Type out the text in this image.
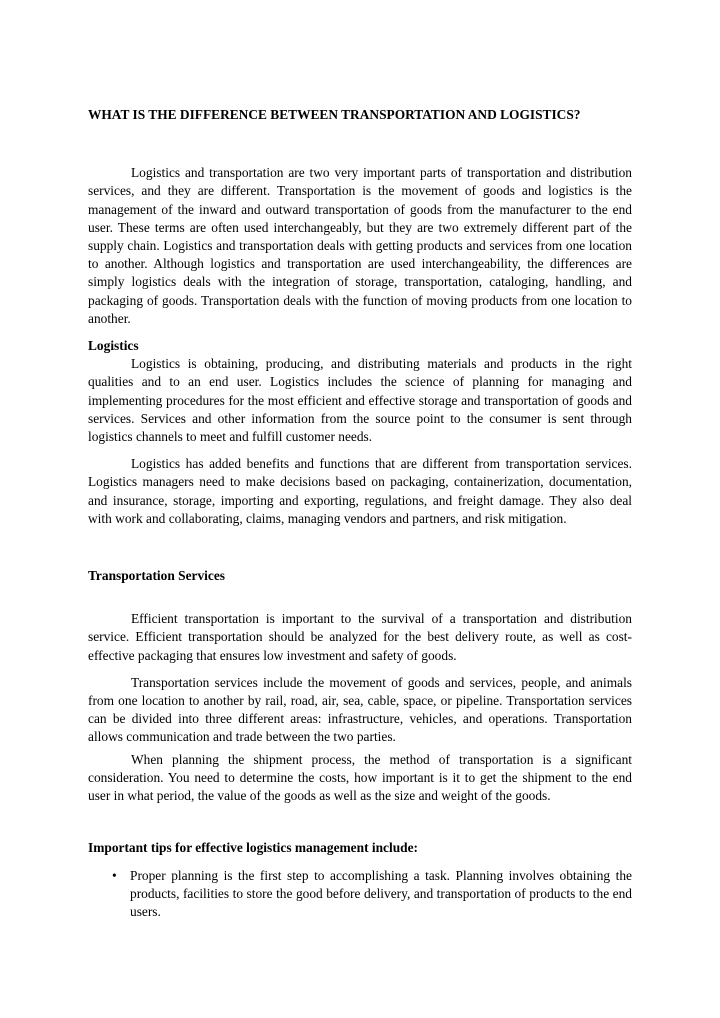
WHAT IS THE DIFFERENCE BETWEEN TRANSPORTATION AND LOGISTICS?

Logistics and transportation are two very important parts of transportation and distribution services, and they are different. Transportation is the movement of goods and logistics is the management of the inward and outward transportation of goods from the manufacturer to the end user. These terms are often used interchangeably, but they are two extremely different part of the supply chain. Logistics and transportation deals with getting products and services from one location to another. Although logistics and transportation are used interchangeability, the differences are simply logistics deals with the integration of storage, transportation, cataloging, handling, and packaging of goods. Transportation deals with the function of moving products from one location to another.

Logistics

Logistics is obtaining, producing, and distributing materials and products in the right qualities and to an end user. Logistics includes the science of planning for managing and implementing procedures for the most efficient and effective storage and transportation of goods and services. Services and other information from the source point to the consumer is sent through logistics channels to meet and fulfill customer needs.

Logistics has added benefits and functions that are different from transportation services. Logistics managers need to make decisions based on packaging, containerization, documentation, and insurance, storage, importing and exporting, regulations, and freight damage. They also deal with work and collaborating, claims, managing vendors and partners, and risk mitigation.

Transportation Services

Efficient transportation is important to the survival of a transportation and distribution service. Efficient transportation should be analyzed for the best delivery route, as well as cost-effective packaging that ensures low investment and safety of goods.

Transportation services include the movement of goods and services, people, and animals from one location to another by rail, road, air, sea, cable, space, or pipeline. Transportation services can be divided into three different areas: infrastructure, vehicles, and operations. Transportation allows communication and trade between the two parties.

When planning the shipment process, the method of transportation is a significant consideration. You need to determine the costs, how important is it to get the shipment to the end user in what period, the value of the goods as well as the size and weight of the goods.

Important tips for effective logistics management include:
• Proper planning is the first step to accomplishing a task. Planning involves obtaining the products, facilities to store the good before delivery, and transportation of products to the end users.
